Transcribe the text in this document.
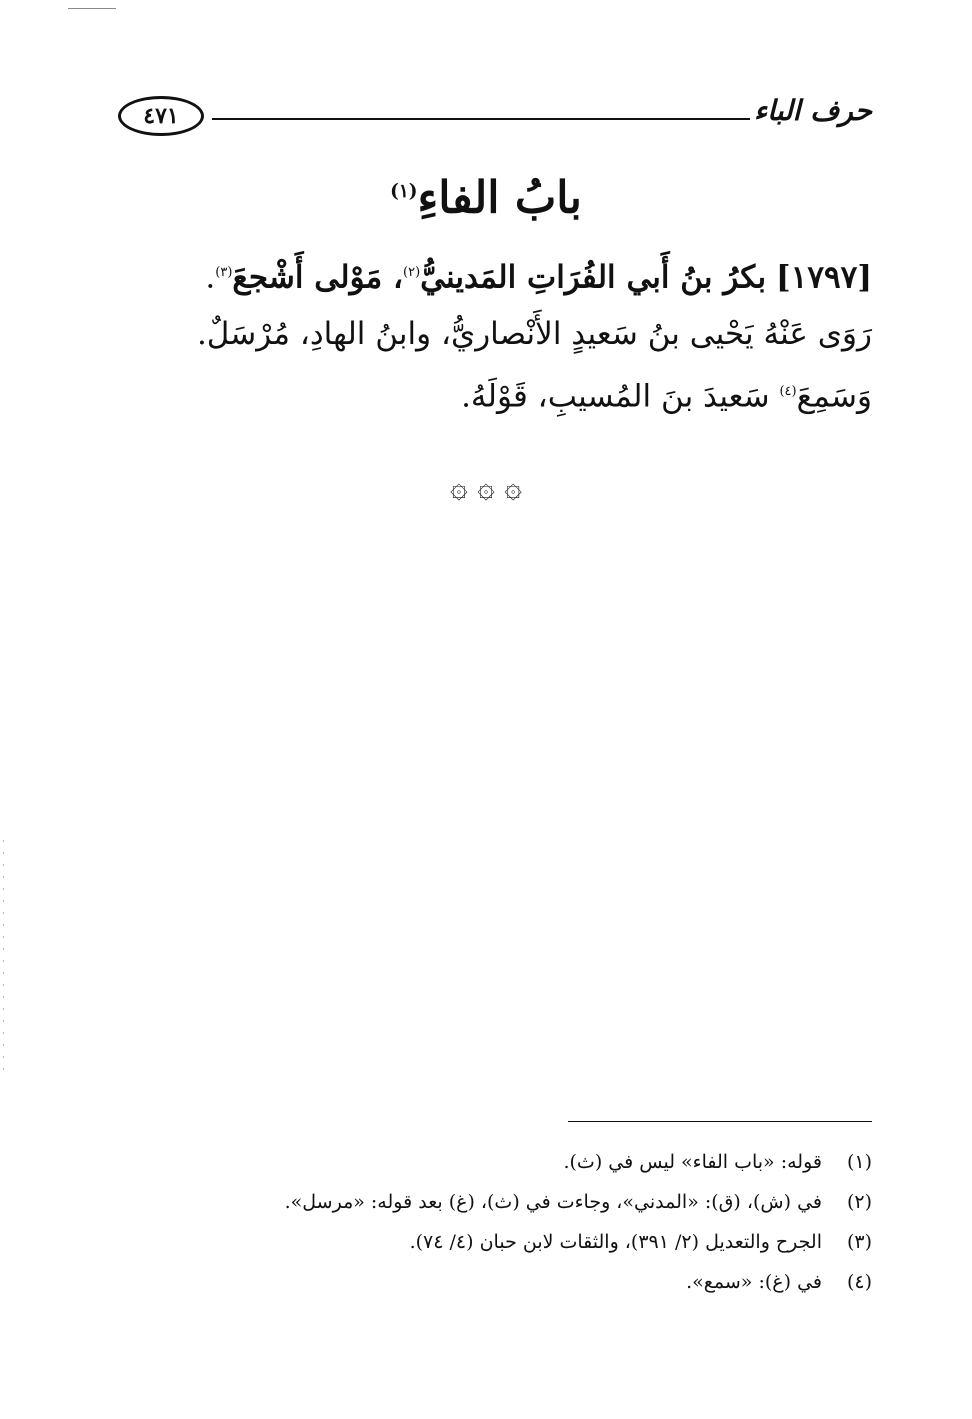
٤٧١	حرف الباء
بابُ الفاءِ$^{(١)}$

[١٧٩٧] بكرُ بنُ أَبي الفُرَاتِ المَدينيُّ$^{(٢)}$، مَوْلى أَشْجعَ$^{(٣)}$.

رَوَى عَنْهُ يَحْيى بنُ سَعيدٍ الأَنْصاريُّ، وابنُ الهادِ، مُرْسَلٌ.

وَسَمِعَ$^{(٤)}$ سَعيدَ بنَ المُسيبِ، قَوْلَهُ.

۞ ۞ ۞
(١)
قوله: «باب الفاء» ليس في (ث).
(٢)
في (ش)، (ق): «المدني»، وجاءت في (ث)، (غ) بعد قوله: «مرسل».
(٣)
الجرح والتعديل (٢/ ٣٩١)، والثقات لابن حبان (٤/ ٧٤).
(٤)
في (غ): «سمع».
